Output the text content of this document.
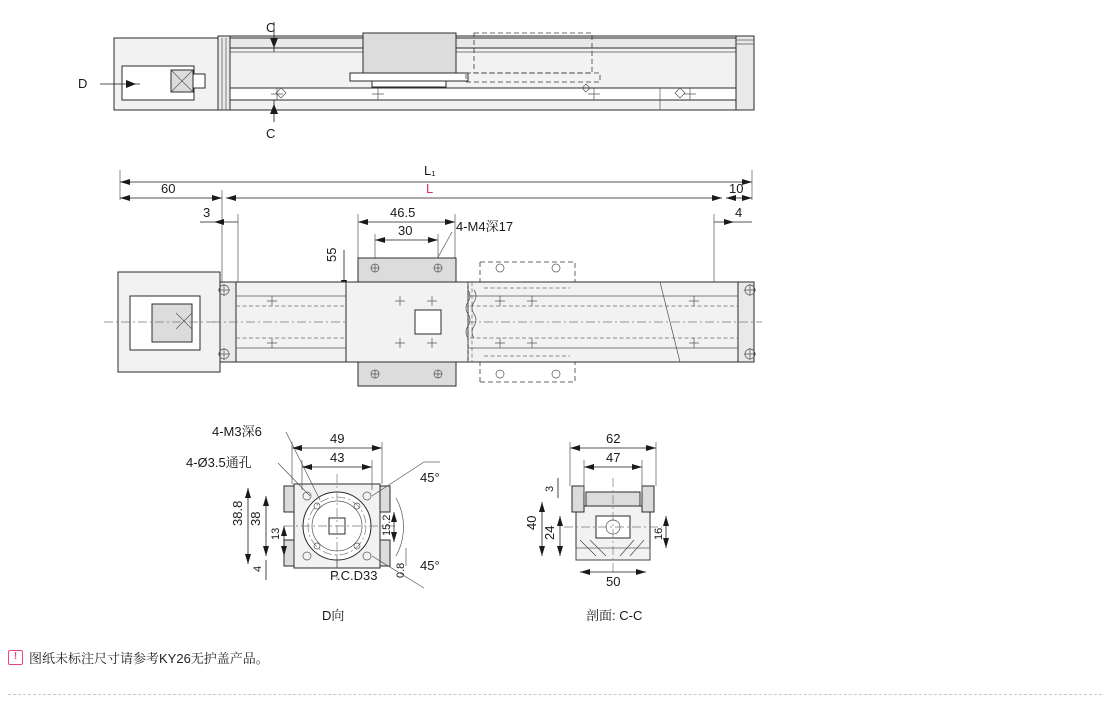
C
C
D
L₁
60	L	10
3	4
46.5
30	4-M4深17
55
4-M3深6
4-Ø3.5通孔
49
43
38.8 38
13
4
15.2
0.8
P.C.D33
45°
45°
D向
62
47
50
3
40
24	16
剖面: C-C
! 图纸未标注尺寸请参考KY26无护盖产品。
